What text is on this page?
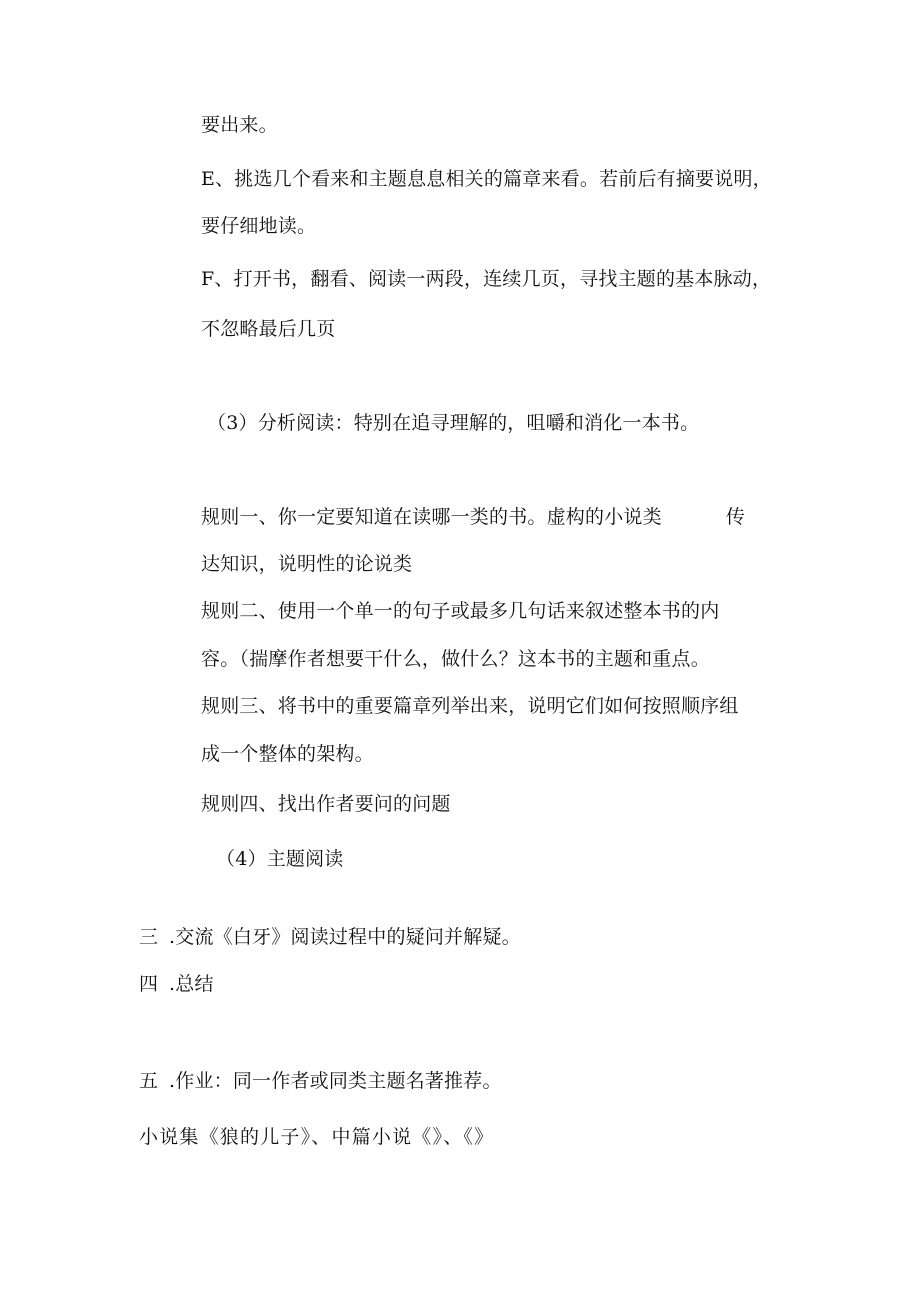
要出来。
E、挑选几个看来和主题息息相关的篇章来看。若前后有摘要说明，
要仔细地读。
F、打开书，翻看、阅读一两段，连续几页，寻找主题的基本脉动，
不忽略最后几页
（3）分析阅读：特别在追寻理解的，咀嚼和消化一本书。
规则一、你一定要知道在读哪一类的书。虚构的小说类	传
达知识，说明性的论说类
规则二、使用一个单一的句子或最多几句话来叙述整本书的内
容。（揣摩作者想要干什么，做什么？这本书的主题和重点。
规则三、将书中的重要篇章列举出来，说明它们如何按照顺序组
成一个整体的架构。
规则四、找出作者要问的问题
（4）主题阅读
三 .交流《白牙》阅读过程中的疑问并解疑。
四 .总结
五 .作业：同一作者或同类主题名著推荐。
小说集《狼的儿子》、中篇小说《》、《》
